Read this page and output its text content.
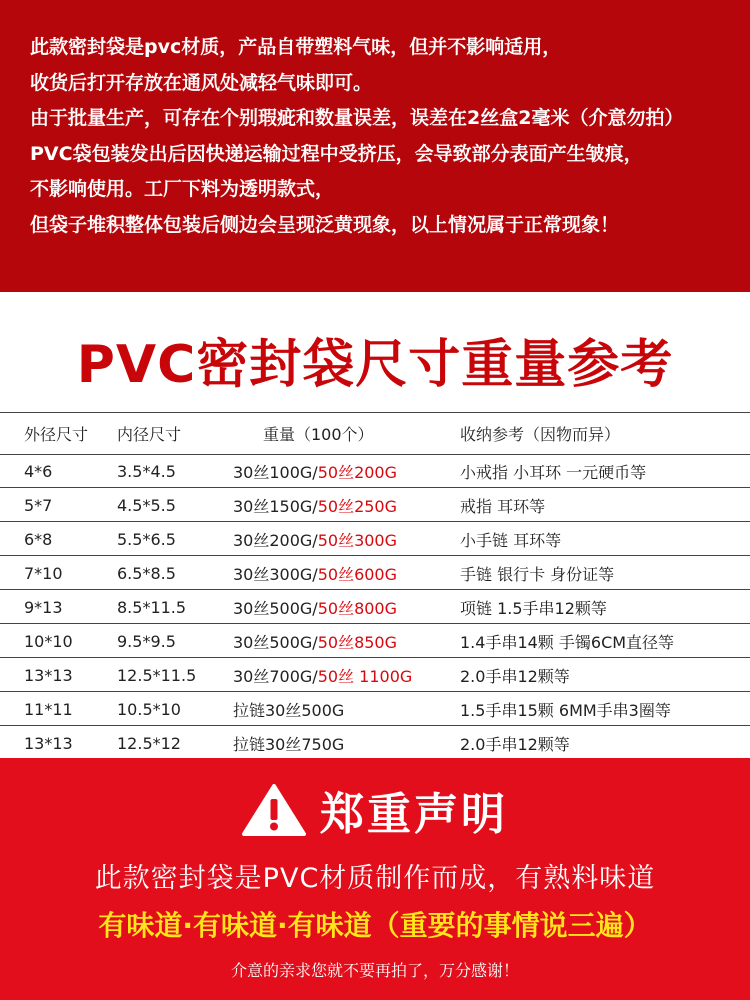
此款密封袋是pvc材质，产品自带塑料气味，但并不影响适用，

收货后打开存放在通风处减轻气味即可。

由于批量生产，可存在个别瑕疵和数量误差，误差在2丝盒2毫米（介意勿拍）

PVC袋包装发出后因快递运输过程中受挤压，会导致部分表面产生皱痕，

不影响使用。工厂下料为透明款式，

但袋子堆积整体包装后侧边会呈现泛黄现象，以上情况属于正常现象！

PVC密封袋尺寸重量参考
外径尺寸 内径尺寸	重量（100个）	收纳参考（因物而异）
4*6	3.5*4.5	30丝100G/ 50丝200G	小戒指 小耳环 一元硬币等
5*7	4.5*5.5	30丝150G/ 50丝250G	戒指 耳环等
6*8	5.5*6.5	30丝200G/ 50丝300G	小手链 耳环等
7*10	6.5*8.5	30丝300G/ 50丝600G	手链 银行卡 身份证等
9*13	8.5*11.5	30丝500G/ 50丝800G	项链 1.5手串12颗等
10*10	9.5*9.5	30丝500G/ 50丝850G	1.4手串14颗 手镯6CM直径等
13*13	12.5*11.5 30丝700G/ 50丝 1100G	2.0手串12颗等
11*11	10.5*10	拉链30丝500G	1.5手串15颗 6MM手串3圈等
13*13	12.5*12	拉链30丝750G	2.0手串12颗等
郑重声明
此款密封袋是PVC材质制作而成，有熟料味道
有味道·有味道·有味道（重要的事情说三遍）
介意的亲求您就不要再拍了，万分感谢！
